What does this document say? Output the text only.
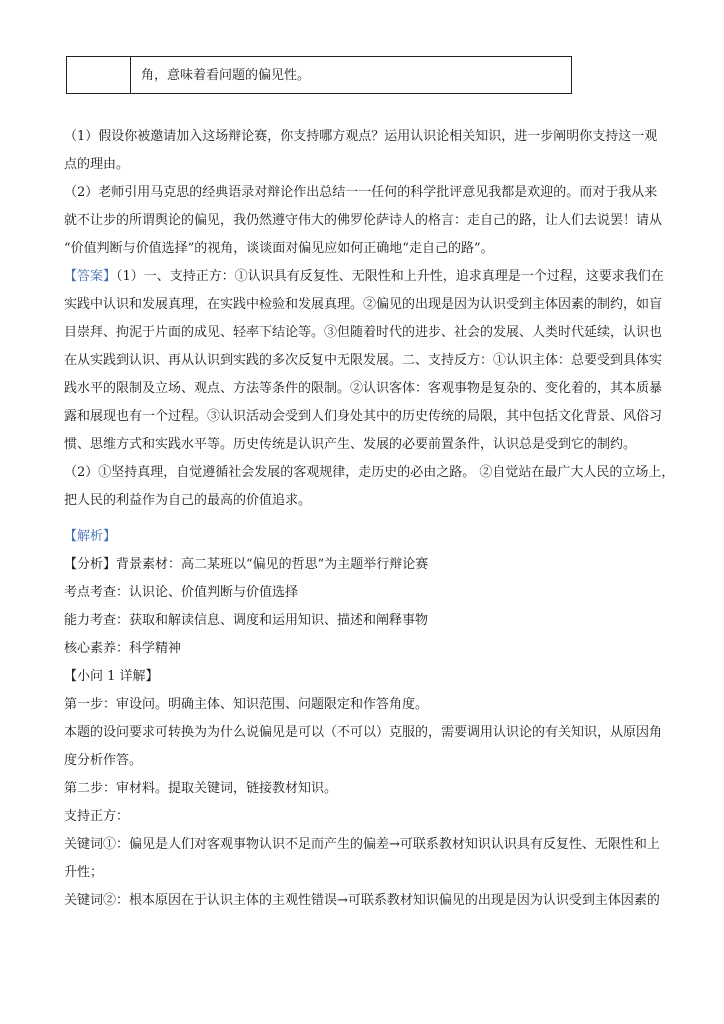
角，意味着看问题的偏见性。
（1）假设你被邀请加入这场辩论赛，你支持哪方观点？运用认识论相关知识，进一步阐明你支持这一观
点的理由。
（2）老师引用马克思的经典语录对辩论作出总结一一任何的科学批评意见我都是欢迎的。而对于我从来
就不让步的所谓舆论的偏见，我仍然遵守伟大的佛罗伦萨诗人的格言：走自己的路，让人们去说罢！请从
“价值判断与价值选择”的视角，谈谈面对偏见应如何正确地“走自己的路”。
【答案】（1）一、支持正方：①认识具有反复性、无限性和上升性，追求真理是一个过程，这要求我们在
实践中认识和发展真理，在实践中检验和发展真理。②偏见的出现是因为认识受到主体因素的制约，如盲
目崇拜、拘泥于片面的成见、轻率下结论等。③但随着时代的进步、社会的发展、人类时代延续，认识也
在从实践到认识、再从认识到实践的多次反复中无限发展。二、支持反方：①认识主体：总要受到具体实
践水平的限制及立场、观点、方法等条件的限制。②认识客体：客观事物是复杂的、变化着的，其本质暴
露和展现也有一个过程。③认识活动会受到人们身处其中的历史传统的局限，其中包括文化背景、风俗习
惯、思维方式和实践水平等。历史传统是认识产生、发展的必要前置条件，认识总是受到它的制约。
（2）①坚持真理，自觉遵循社会发展的客观规律，走历史的必由之路。 ②自觉站在最广大人民的立场上，
把人民的利益作为自己的最高的价值追求。
【解析】
【分析】背景素材：高二某班以“偏见的哲思”为主题举行辩论赛
考点考查：认识论、价值判断与价值选择
能力考查：获取和解读信息、调度和运用知识、描述和阐释事物
核心素养：科学精神
【小问 1 详解】
第一步：审设问。明确主体、知识范围、问题限定和作答角度。
本题的设问要求可转换为为什么说偏见是可以（不可以）克服的，需要调用认识论的有关知识，从原因角
度分析作答。
第二步：审材料。提取关键词，链接教材知识。
支持正方：
关键词①：偏见是人们对客观事物认识不足而产生的偏差→可联系教材知识认识具有反复性、无限性和上
升性；
关键词②：根本原因在于认识主体的主观性错误→可联系教材知识偏见的出现是因为认识受到主体因素的
